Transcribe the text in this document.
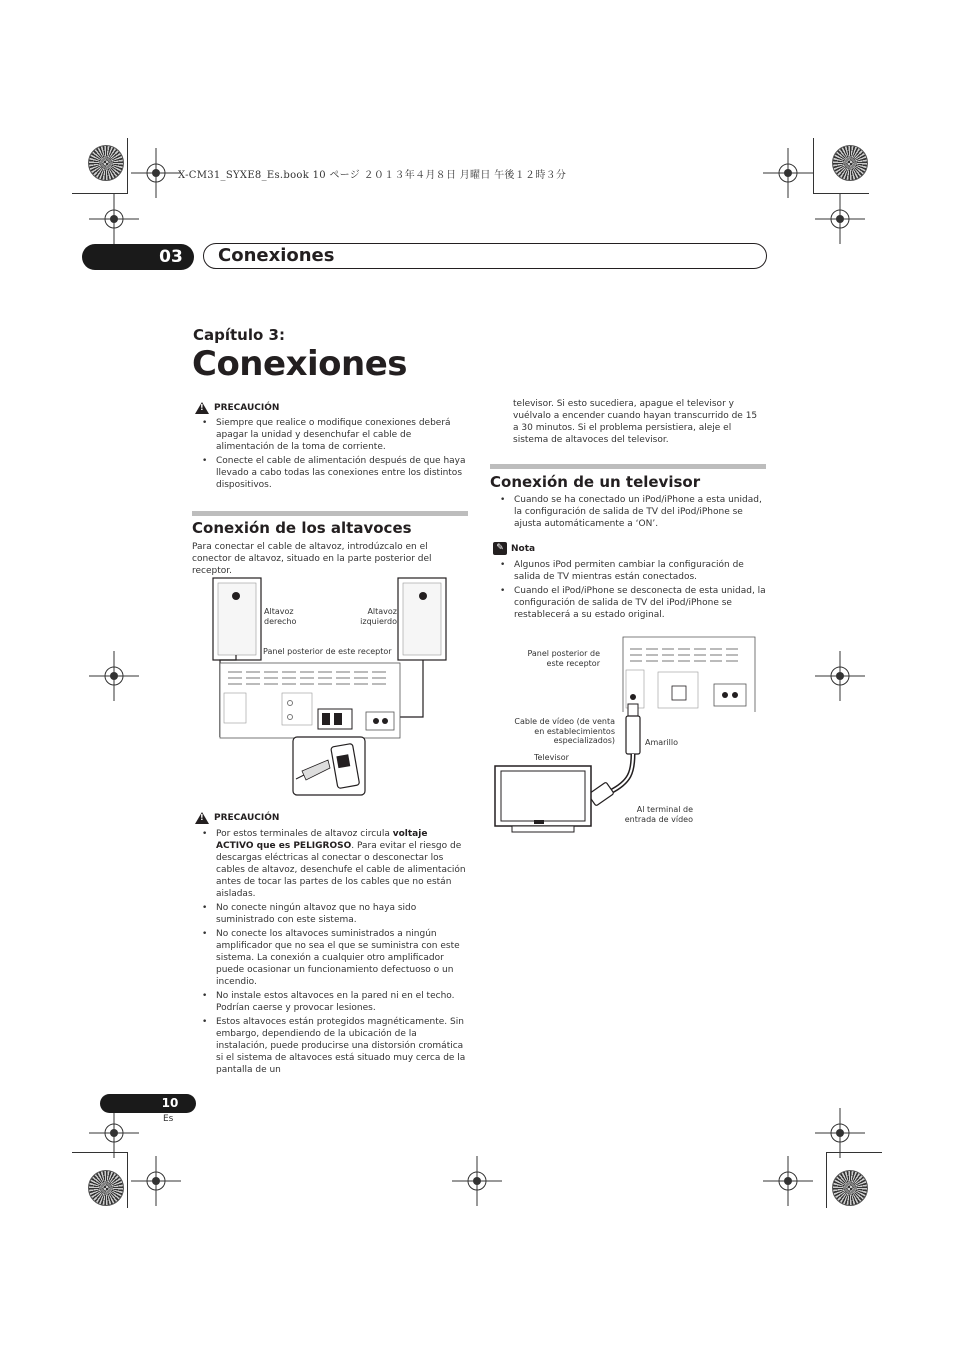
X-CM31_SYXE8_Es.book 10 ページ ２０１３年４月８日 月曜日 午後１２時３分
03	Conexiones
Capítulo 3:
Conexiones
!
PRECAUCIÓN
• Siempre que realice o modifique conexiones deberá apagar la unidad y desenchufar el cable de alimentación de la toma de corriente.
• Conecte el cable de alimentación después de que haya llevado a cabo todas las conexiones entre los distintos dispositivos.
Conexión de los altavoces

Para conectar el cable de altavoz, introdúzcalo en el conector de altavoz, situado en la parte posterior del receptor.

Altavoz derecho
Altavoz izquierdo
Panel posterior de este receptor
!
PRECAUCIÓN
• Por estos terminales de altavoz circula voltaje ACTIVO que es PELIGROSO. Para evitar el riesgo de descargas eléctricas al conectar o desconectar los cables de altavoz, desenchufe el cable de alimentación antes de tocar las partes de los cables que no están aisladas.
• No conecte ningún altavoz que no haya sido suministrado con este sistema.
• No conecte los altavoces suministrados a ningún amplificador que no sea el que se suministra con este sistema. La conexión a cualquier otro amplificador puede ocasionar un funcionamiento defectuoso o un incendio.
• No instale estos altavoces en la pared ni en el techo. Podrían caerse y provocar lesiones.
• Estos altavoces están protegidos magnéticamente. Sin embargo, dependiendo de la ubicación de la instalación, puede producirse una distorsión cromática si el sistema de altavoces está situado muy cerca de la pantalla de un

televisor. Si esto sucediera, apague el televisor y vuélvalo a encender cuando hayan transcurrido de 15 a 30 minutos. Si el problema persistiera, aleje el sistema de altavoces del televisor.

Conexión de un televisor
• Cuando se ha conectado un iPod/iPhone a esta unidad, la configuración de salida de TV del iPod/iPhone se ajusta automáticamente a ‘ON’.
✎ Nota
• Algunos iPod permiten cambiar la configuración de salida de TV mientras están conectados.
• Cuando el iPod/iPhone se desconecta de esta unidad, la configuración de salida de TV del iPod/iPhone se restablecerá a su estado original.
Panel posterior de este receptor
Cable de vídeo (de venta en establecimientos especializados)	Amarillo
Televisor
Al terminal de entrada de vídeo
10
Es
